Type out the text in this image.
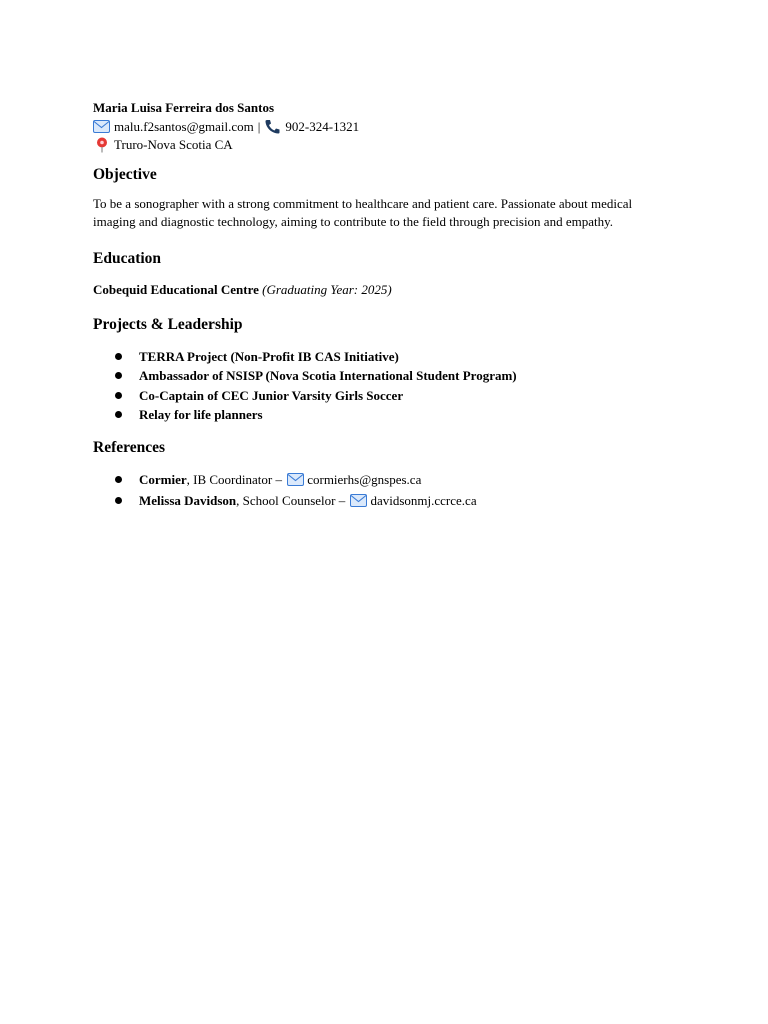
Maria Luisa Ferreira dos Santos

malu.f2santos@gmail.com | 902-324-1321
Truro-Nova Scotia CA
Objective

To be a sonographer with a strong commitment to healthcare and patient care. Passionate about medical imaging and diagnostic technology, aiming to contribute to the field through precision and empathy.

Education

Cobequid Educational Centre (Graduating Year: 2025)

Projects & Leadership
TERRA Project (Non-Profit IB CAS Initiative)
Ambassador of NSISP (Nova Scotia International Student Program)
Co-Captain of CEC Junior Varsity Girls Soccer
Relay for life planners
References
Cormier, IB Coordinator – cormierhs@gnspes.ca
Melissa Davidson, School Counselor – davidsonmj.ccrce.ca
